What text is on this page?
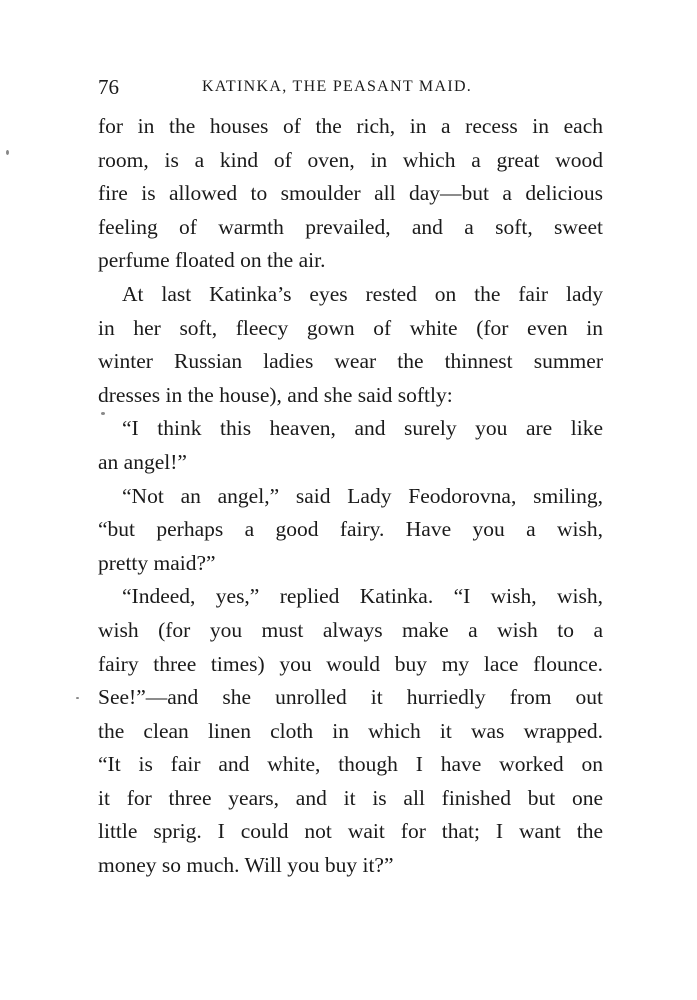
76	KATINKA, THE PEASANT MAID.
for in the houses of the rich, in a recess in each
room, is a kind of oven, in which a great wood
fire is allowed to smoulder all day—but a delicious
feeling of warmth prevailed, and a soft, sweet
perfume floated on the air.
At last Katinka’s eyes rested on the fair lady
in her soft, fleecy gown of white (for even in
winter Russian ladies wear the thinnest summer
dresses in the house), and she said softly:
“I think this heaven, and surely you are like
an angel!”
“Not an angel,” said Lady Feodorovna, smiling,
“but perhaps a good fairy. Have you a wish,
pretty maid?”
“Indeed, yes,” replied Katinka. “I wish, wish,
wish (for you must always make a wish to a
fairy three times) you would buy my lace flounce.
See!”—and she unrolled it hurriedly from out
the clean linen cloth in which it was wrapped.
“It is fair and white, though I have worked on
it for three years, and it is all finished but one
little sprig. I could not wait for that; I want the
money so much. Will you buy it?”
